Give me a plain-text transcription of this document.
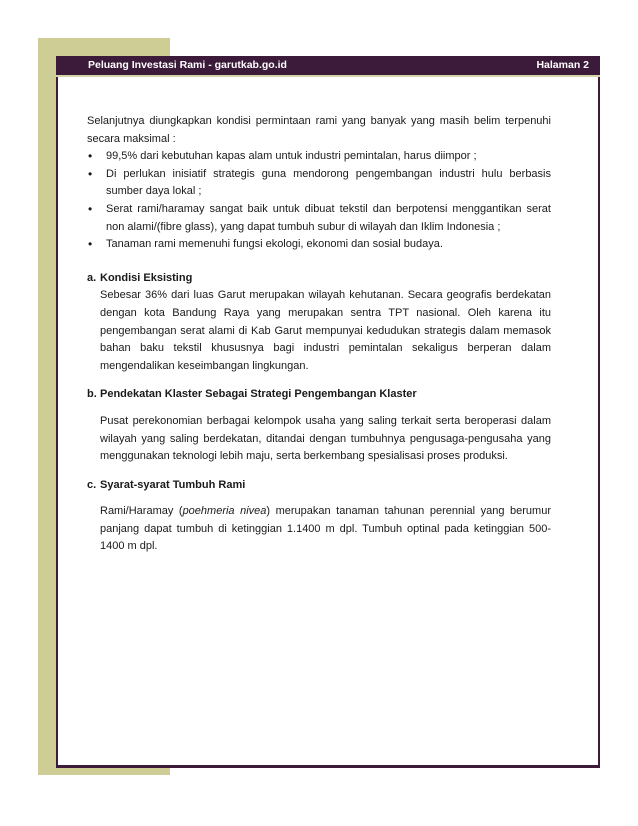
Peluang Investasi Rami - garutkab.go.id	Halaman 2

Selanjutnya diungkapkan kondisi permintaan rami yang banyak yang masih belim terpenuhi secara maksimal :

• 99,5% dari kebutuhan kapas alam untuk industri pemintalan, harus diimpor ;
• Di perlukan inisiatif strategis guna mendorong pengembangan industri hulu berbasis sumber daya lokal ;
• Serat rami/haramay sangat baik untuk dibuat tekstil dan berpotensi menggantikan serat non alami/(fibre glass), yang dapat tumbuh subur di wilayah dan Iklim Indonesia ;
• Tanaman rami memenuhi fungsi ekologi, ekonomi dan sosial budaya.
a. Kondisi Eksisting

Sebesar 36% dari luas Garut merupakan wilayah kehutanan. Secara geografis berdekatan dengan kota Bandung Raya yang merupakan sentra TPT nasional. Oleh karena itu pengembangan serat alami di Kab Garut mempunyai kedudukan strategis dalam memasok bahan baku tekstil khususnya bagi industri pemintalan sekaligus berperan dalam mengendalikan keseimbangan lingkungan.

b. Pendekatan Klaster Sebagai Strategi Pengembangan Klaster

Pusat perekonomian berbagai kelompok usaha yang saling terkait serta beroperasi dalam wilayah yang saling berdekatan, ditandai dengan tumbuhnya pengusaga-pengusaha yang menggunakan teknologi lebih maju, serta berkembang spesialisasi proses produksi.

c. Syarat-syarat Tumbuh Rami

Rami/Haramay (poehmeria nivea) merupakan tanaman tahunan perennial yang berumur panjang dapat tumbuh di ketinggian 1.1400 m dpl. Tumbuh optinal pada ketinggian 500-1400 m dpl.
